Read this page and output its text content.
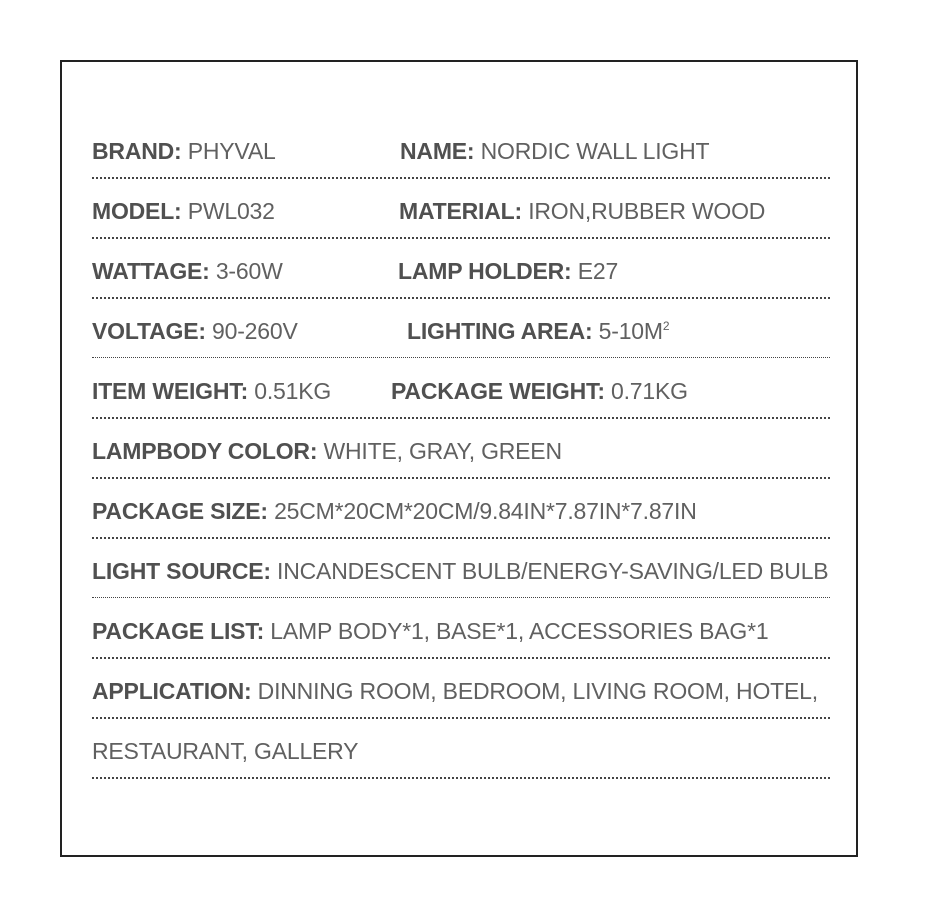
BRAND: PHYVAL	NAME: NORDIC WALL LIGHT
MODEL: PWL032	MATERIAL: IRON,RUBBER WOOD
WATTAGE: 3-60W	LAMP HOLDER: E27
VOLTAGE: 90-260V	LIGHTING AREA: $5-10M^2$
ITEM WEIGHT: 0.51KG	PACKAGE WEIGHT: 0.71KG
LAMPBODY COLOR: WHITE, GRAY, GREEN
PACKAGE SIZE: 25CM*20CM*20CM/9.84IN*7.87IN*7.87IN
LIGHT SOURCE: INCANDESCENT BULB/ENERGY-SAVING/LED BULB
PACKAGE LIST: LAMP BODY*1, BASE*1, ACCESSORIES BAG*1
APPLICATION: DINNING ROOM, BEDROOM, LIVING ROOM, HOTEL,
RESTAURANT, GALLERY
